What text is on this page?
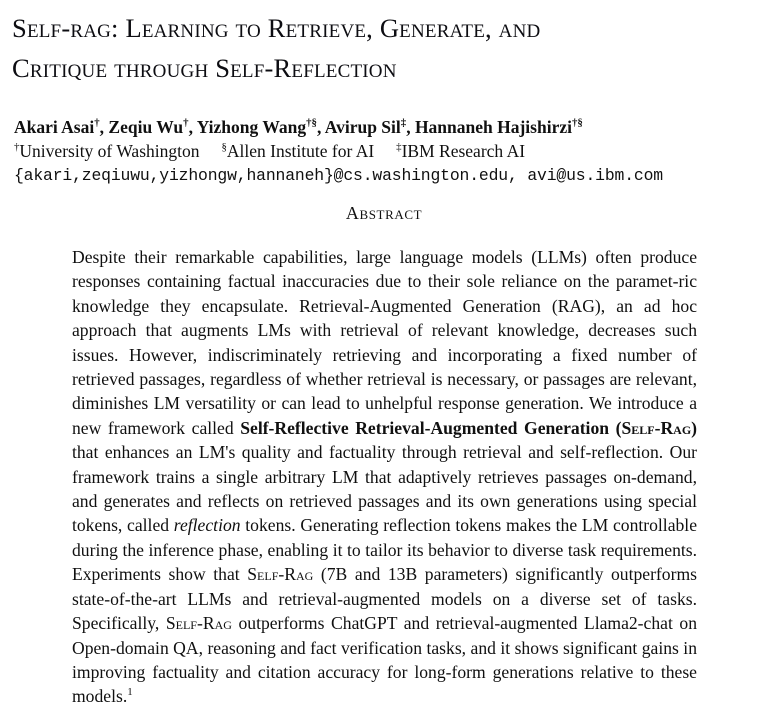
Self-rag: Learning to Retrieve, Generate, and
Critique through Self-Reflection
Akari Asai†, Zeqiu Wu†, Yizhong Wang†§, Avirup Sil‡, Hannaneh Hajishirzi†§
†University of Washington §Allen Institute for AI ‡IBM Research AI
{akari,zeqiuwu,yizhongw,hannaneh}@cs.washington.edu, avi@us.ibm.com
Abstract
Despite their remarkable capabilities, large language models (LLMs) often produce responses containing factual inaccuracies due to their sole reliance on the paramet-ric knowledge they encapsulate. Retrieval-Augmented Generation (RAG), an ad hoc approach that augments LMs with retrieval of relevant knowledge, decreases such issues. However, indiscriminately retrieving and incorporating a fixed number of retrieved passages, regardless of whether retrieval is necessary, or passages are relevant, diminishes LM versatility or can lead to unhelpful response generation. We introduce a new framework called Self-Reflective Retrieval-Augmented Generation (Self-Rag) that enhances an LM's quality and factuality through retrieval and self-reflection. Our framework trains a single arbitrary LM that adaptively retrieves passages on-demand, and generates and reflects on retrieved passages and its own generations using special tokens, called reflection tokens. Generating reflection tokens makes the LM controllable during the inference phase, enabling it to tailor its behavior to diverse task requirements. Experiments show that Self-Rag (7B and 13B parameters) significantly outperforms state-of-the-art LLMs and retrieval-augmented models on a diverse set of tasks. Specifically, Self-Rag outperforms ChatGPT and retrieval-augmented Llama2-chat on Open-domain QA, reasoning and fact verification tasks, and it shows significant gains in improving factuality and citation accuracy for long-form generations relative to these models.$^1$
